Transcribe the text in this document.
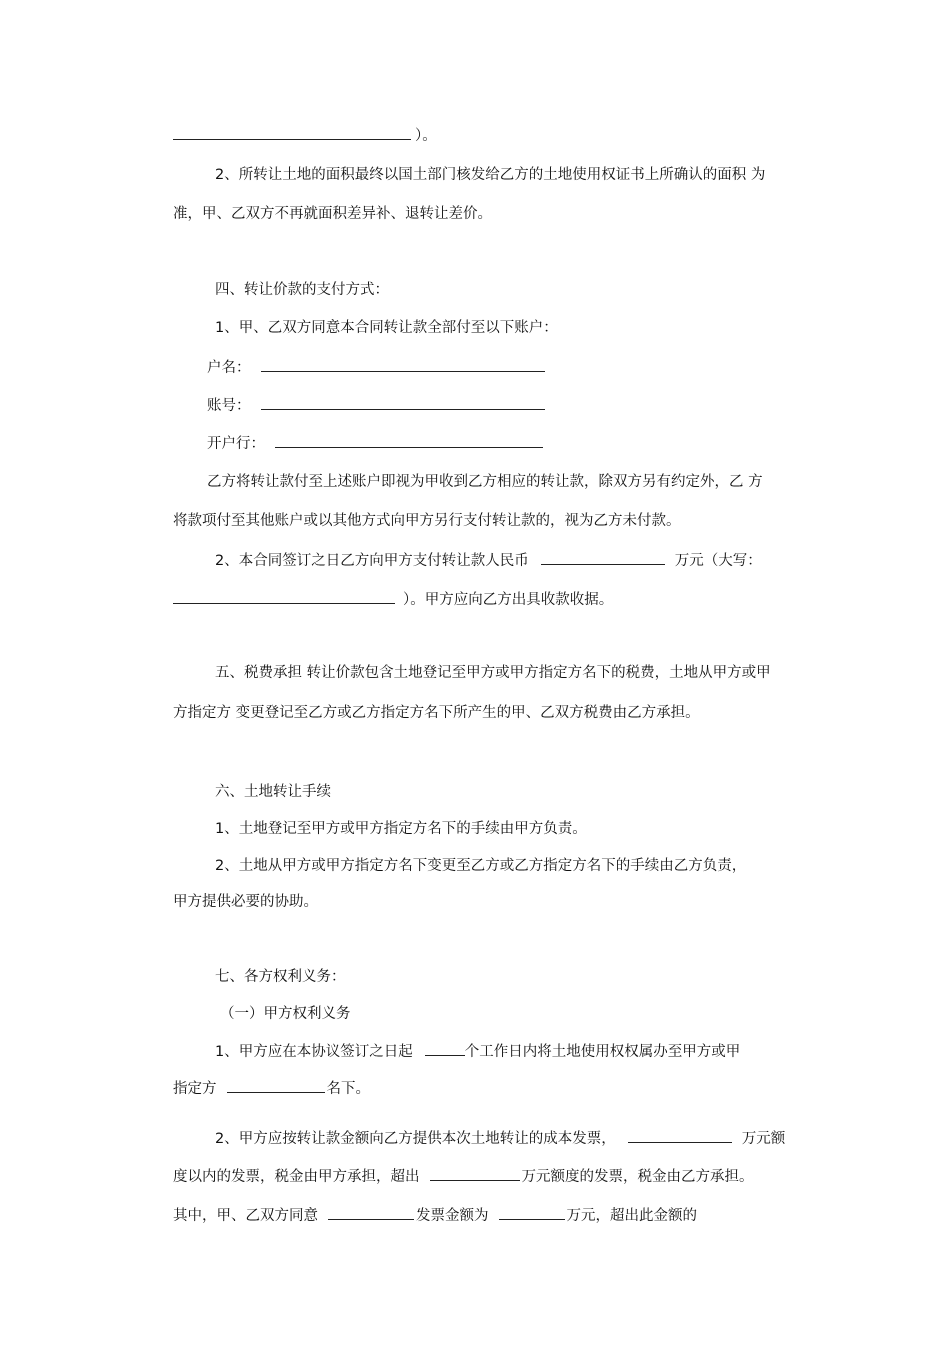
）。
2、所转让土地的面积最终以国土部门核发给乙方的土地使用权证书上所确认的面积 为
准，甲、乙双方不再就面积差异补、退转让差价。
四、转让价款的支付方式：
1、甲、乙双方同意本合同转让款全部付至以下账户：
户名：
账号：
开户行：
乙方将转让款付至上述账户即视为甲收到乙方相应的转让款，除双方另有约定外，乙 方
将款项付至其他账户或以其他方式向甲方另行支付转让款的，视为乙方未付款。
2、本合同签订之日乙方向甲方支付转让款人民币	万元（大写：
）。甲方应向乙方出具收款收据。
五、税费承担 转让价款包含土地登记至甲方或甲方指定方名下的税费，土地从甲方或甲
方指定方 变更登记至乙方或乙方指定方名下所产生的甲、乙双方税费由乙方承担。
六、土地转让手续
1、土地登记至甲方或甲方指定方名下的手续由甲方负责。
2、土地从甲方或甲方指定方名下变更至乙方或乙方指定方名下的手续由乙方负责，
甲方提供必要的协助。
七、各方权利义务：
（一）甲方权利义务
1、甲方应在本协议签订之日起	个工作日内将土地使用权权属办至甲方或甲
指定方	名下。
2、甲方应按转让款金额向乙方提供本次土地转让的成本发票，	万元额
度以内的发票，税金由甲方承担，超出	万元额度的发票，税金由乙方承担。
其中，甲、乙双方同意	发票金额为	万元，超出此金额的
